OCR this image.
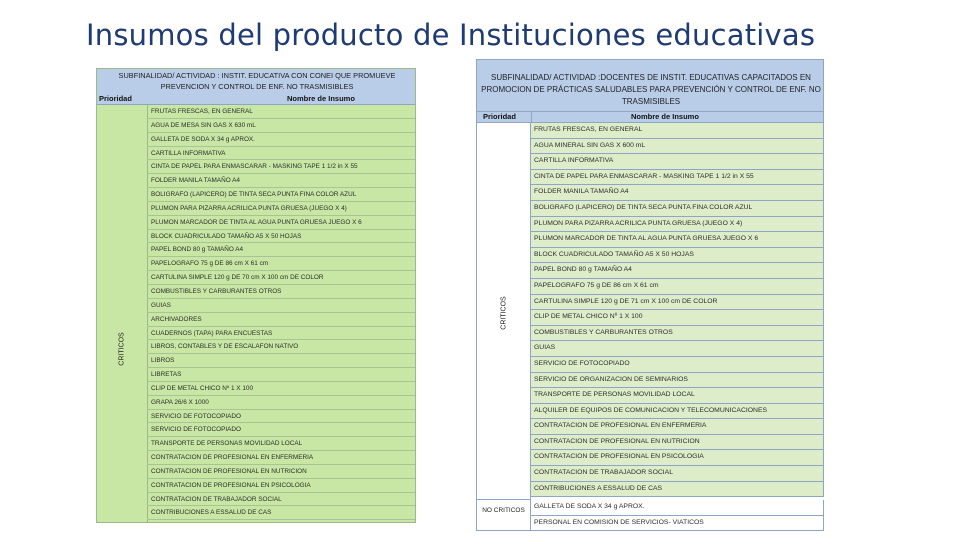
Insumos del producto de Instituciones educativas
SUBFINALIDAD/ ACTIVIDAD : INSTIT. EDUCATIVA CON CONEI QUE PROMUEVE PREVENCION Y CONTROL DE ENF. NO TRASMISIBLES
Prioridad	Nombre de Insumo
CRITICOS
FRUTAS FRESCAS, EN GENERAL
AGUA DE MESA SIN GAS X 630 mL
GALLETA DE SODA X 34 g APROX.
CARTILLA INFORMATIVA
CINTA DE PAPEL PARA ENMASCARAR - MASKING TAPE 1 1/2 in X 55
FOLDER MANILA TAMAÑO A4
BOLIGRAFO (LAPICERO) DE TINTA SECA PUNTA FINA COLOR AZUL
PLUMON PARA PIZARRA ACRILICA PUNTA GRUESA (JUEGO X 4)
PLUMON MARCADOR DE TINTA AL AGUA PUNTA GRUESA JUEGO X 6
BLOCK CUADRICULADO TAMAÑO A5 X 50 HOJAS
PAPEL BOND 80 g TAMAÑO A4
PAPELOGRAFO 75 g DE 86 cm X 61 cm
CARTULINA SIMPLE 120 g DE 70 cm X 100 cm DE COLOR
COMBUSTIBLES Y CARBURANTES OTROS
GUIAS
ARCHIVADORES
CUADERNOS (TAPA) PARA ENCUESTAS
LIBROS, CONTABLES Y DE ESCALAFON NATIVO
LIBROS
LIBRETAS
CLIP DE METAL CHICO Nº 1 X 100
GRAPA 26/6 X 1000
SERVICIO DE FOTOCOPIADO
SERVICIO DE FOTOCOPIADO
TRANSPORTE DE PERSONAS MOVILIDAD LOCAL
CONTRATACION DE PROFESIONAL EN ENFERMERIA
CONTRATACION DE PROFESIONAL EN NUTRICION
CONTRATACION DE PROFESIONAL EN PSICOLOGIA
CONTRATACION DE TRABAJADOR SOCIAL
CONTRIBUCIONES A ESSALUD DE CAS
SUBFINALIDAD/ ACTIVIDAD :DOCENTES DE INSTIT. EDUCATIVAS CAPACITADOS EN PROMOCION DE PRÁCTICAS SALUDABLES PARA PREVENCIÓN Y CONTROL DE ENF. NO TRASMISIBLES
Prioridad	Nombre de Insumo
CRITICOS
FRUTAS FRESCAS, EN GENERAL
AGUA MINERAL SIN GAS X 600 mL
CARTILLA INFORMATIVA
CINTA DE PAPEL PARA ENMASCARAR - MASKING TAPE 1 1/2 in X 55
FOLDER MANILA TAMAÑO A4
BOLIGRAFO (LAPICERO) DE TINTA SECA PUNTA FINA COLOR AZUL
PLUMON PARA PIZARRA ACRILICA PUNTA GRUESA (JUEGO X 4)
PLUMON MARCADOR DE TINTA AL AGUA PUNTA GRUESA JUEGO X 6
BLOCK CUADRICULADO TAMAÑO A5 X 50 HOJAS
PAPEL BOND 80 g TAMAÑO A4
PAPELOGRAFO 75 g DE 86 cm X 61 cm
CARTULINA SIMPLE 120 g DE 71 cm X 100 cm DE COLOR
CLIP DE METAL CHICO Nº 1 X 100
COMBUSTIBLES Y CARBURANTES OTROS
GUIAS
SERVICIO DE FOTOCOPIADO
SERVICIO DE ORGANIZACION DE SEMINARIOS
TRANSPORTE DE PERSONAS MOVILIDAD LOCAL
ALQUILER DE EQUIPOS DE COMUNICACION Y TELECOMUNICACIONES
CONTRATACION DE PROFESIONAL EN ENFERMERIA
CONTRATACION DE PROFESIONAL EN NUTRICION
CONTRATACION DE PROFESIONAL EN PSICOLOGIA
CONTRATACION DE TRABAJADOR SOCIAL
CONTRIBUCIONES A ESSALUD DE CAS
NO CRITICOS
GALLETA DE SODA X 34 g APROX.
PERSONAL EN COMISION DE SERVICIOS- VIATICOS
